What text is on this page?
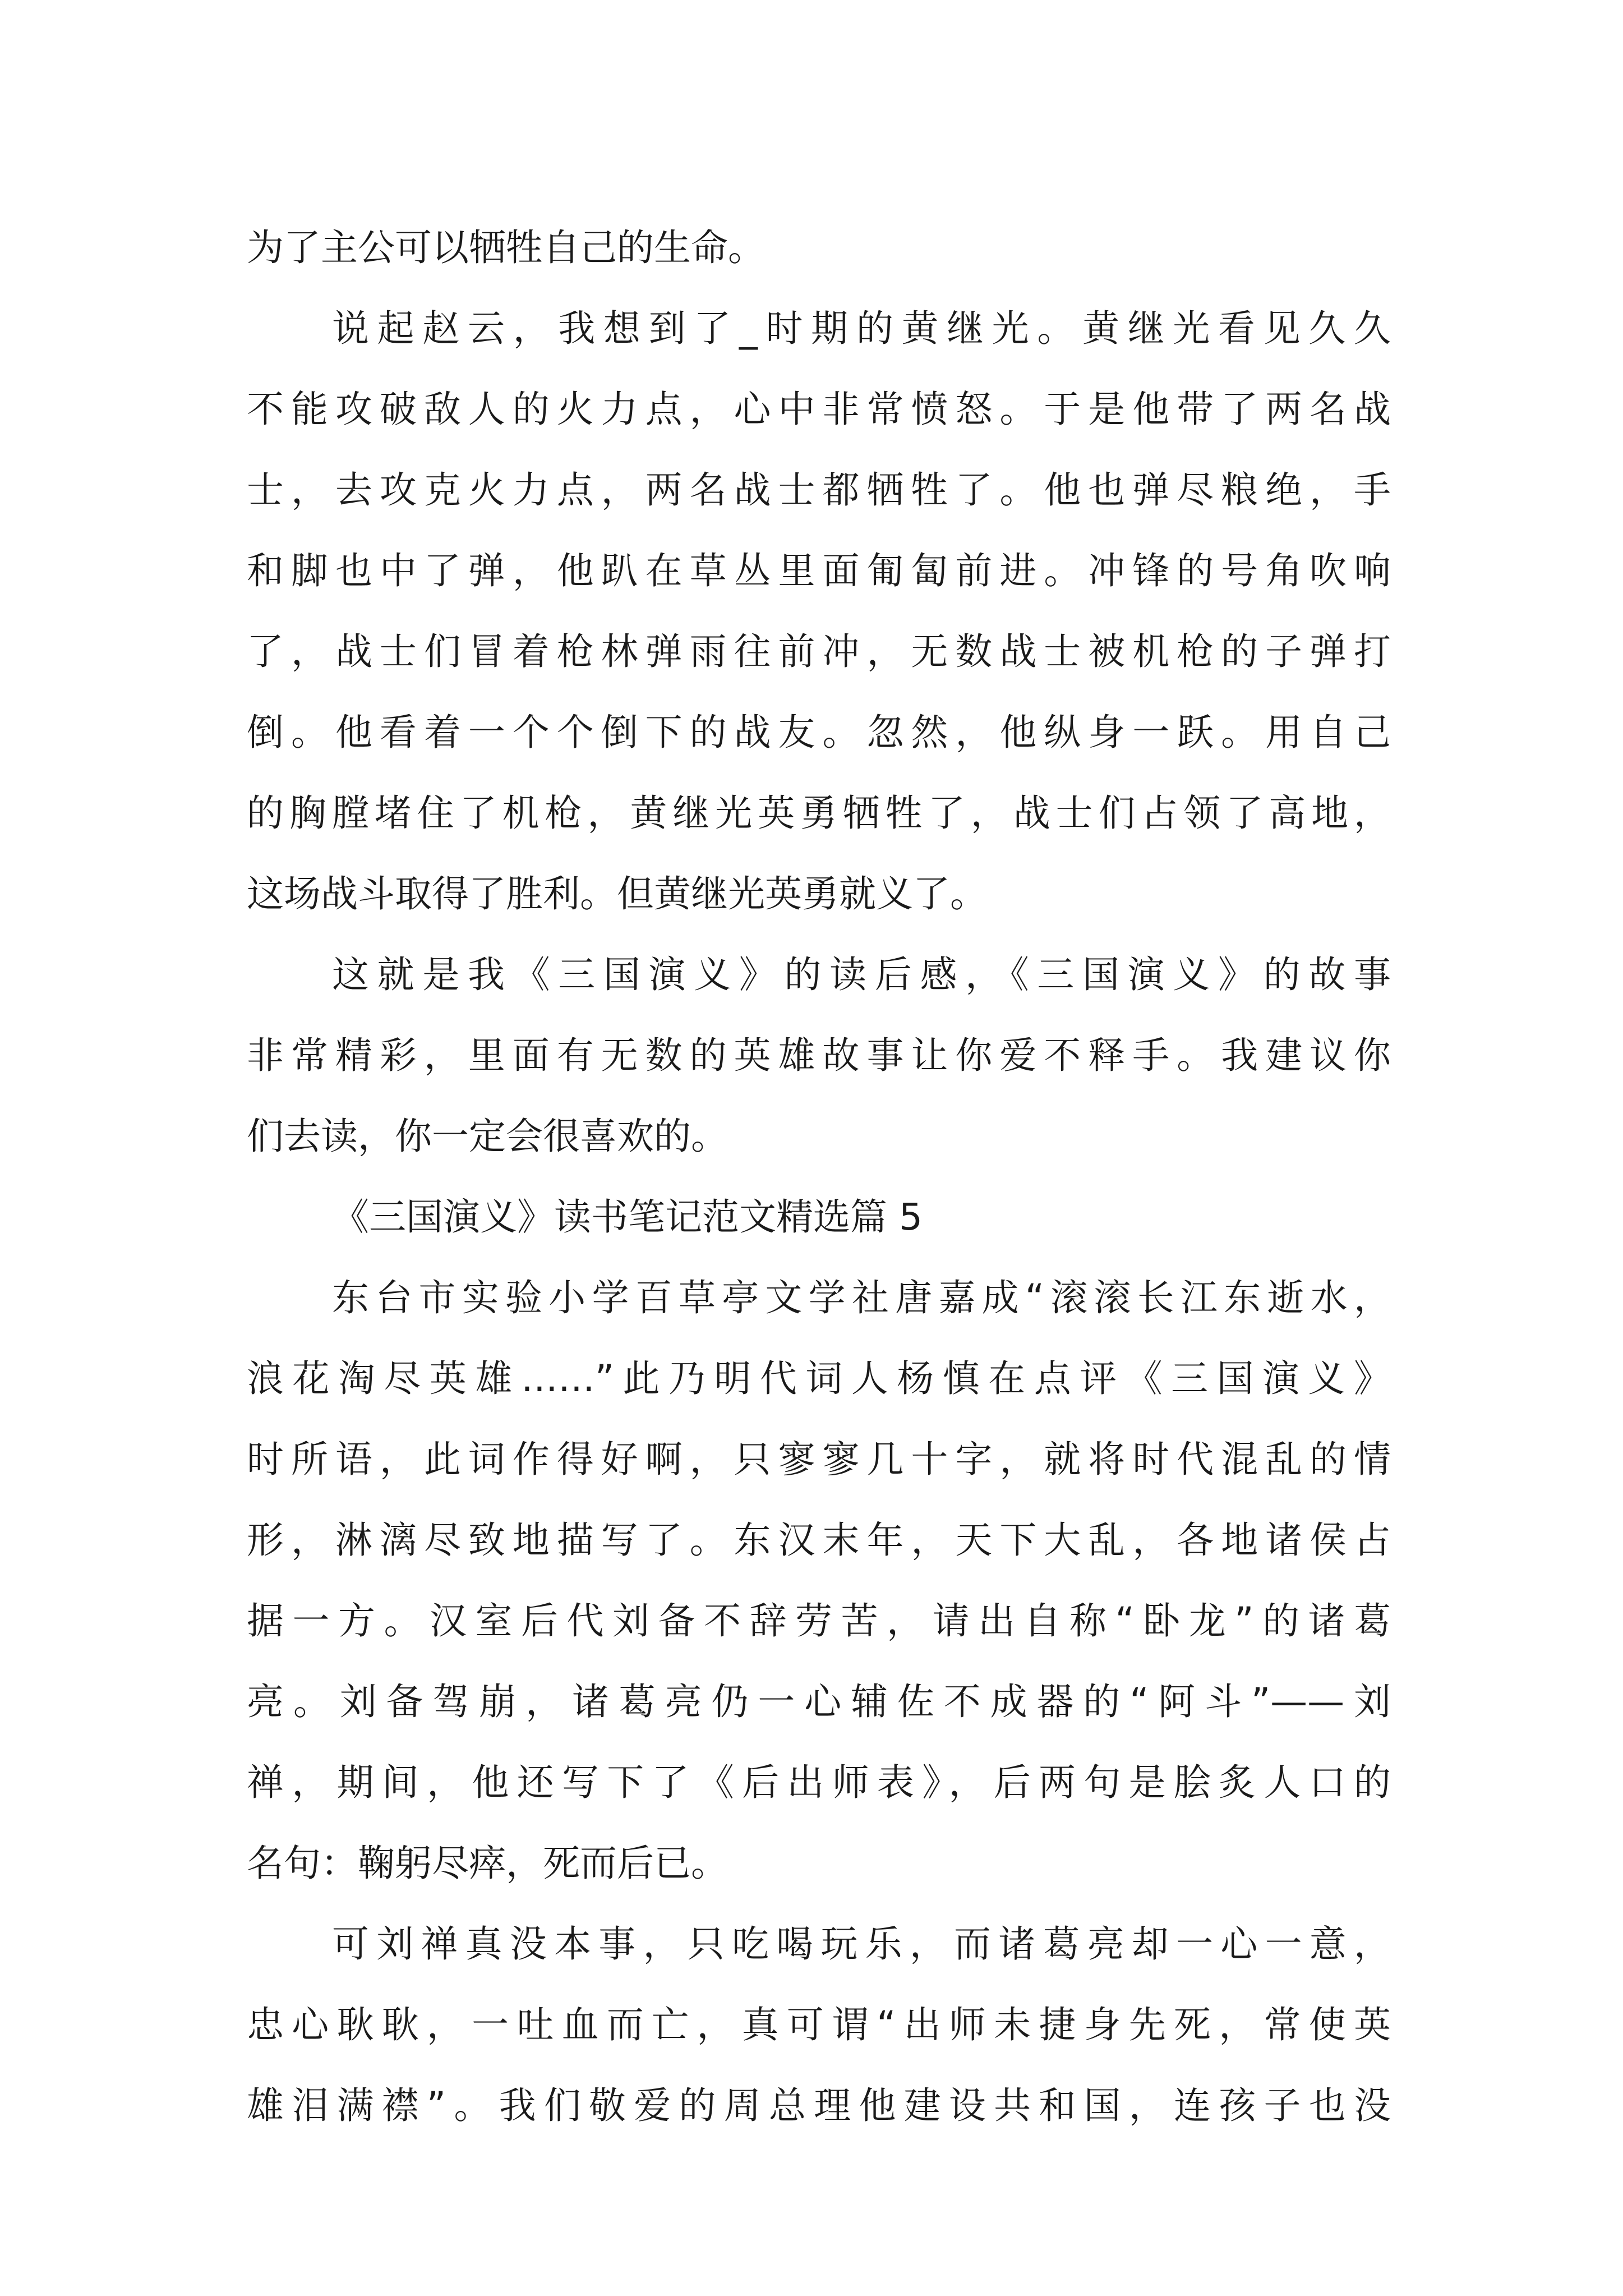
为了主公可以牺牲自己的生命。
说起赵云，我想到了_时期的黄继光。黄继光看见久久
不能攻破敌人的火力点，心中非常愤怒。于是他带了两名战
士，去攻克火力点，两名战士都牺牲了。他也弹尽粮绝，手
和脚也中了弹，他趴在草丛里面匍匐前进。冲锋的号角吹响
了，战士们冒着枪林弹雨往前冲，无数战士被机枪的子弹打
倒。他看着一个个倒下的战友。忽然，他纵身一跃。用自己
的胸膛堵住了机枪，黄继光英勇牺牲了，战士们占领了高地，
这场战斗取得了胜利。但黄继光英勇就义了。
这就是我《三国演义》的读后感，《三国演义》的故事
非常精彩，里面有无数的英雄故事让你爱不释手。我建议你
们去读，你一定会很喜欢的。
《三国演义》读书笔记范文精选篇 5
东台市实验小学百草亭文学社唐嘉成“滚滚长江东逝水，
浪花淘尽英雄……”此乃明代词人杨慎在点评《三国演义》
时所语，此词作得好啊，只寥寥几十字，就将时代混乱的情
形，淋漓尽致地描写了。东汉末年，天下大乱，各地诸侯占
据一方。汉室后代刘备不辞劳苦，请出自称“卧龙”的诸葛
亮。刘备驾崩，诸葛亮仍一心辅佐不成器的“阿斗”——刘
禅，期间，他还写下了《后出师表》，后两句是脍炙人口的
名句：鞠躬尽瘁，死而后已。
可刘禅真没本事，只吃喝玩乐，而诸葛亮却一心一意，
忠心耿耿，一吐血而亡，真可谓“出师未捷身先死，常使英
雄泪满襟”。我们敬爱的周总理他建设共和国，连孩子也没
